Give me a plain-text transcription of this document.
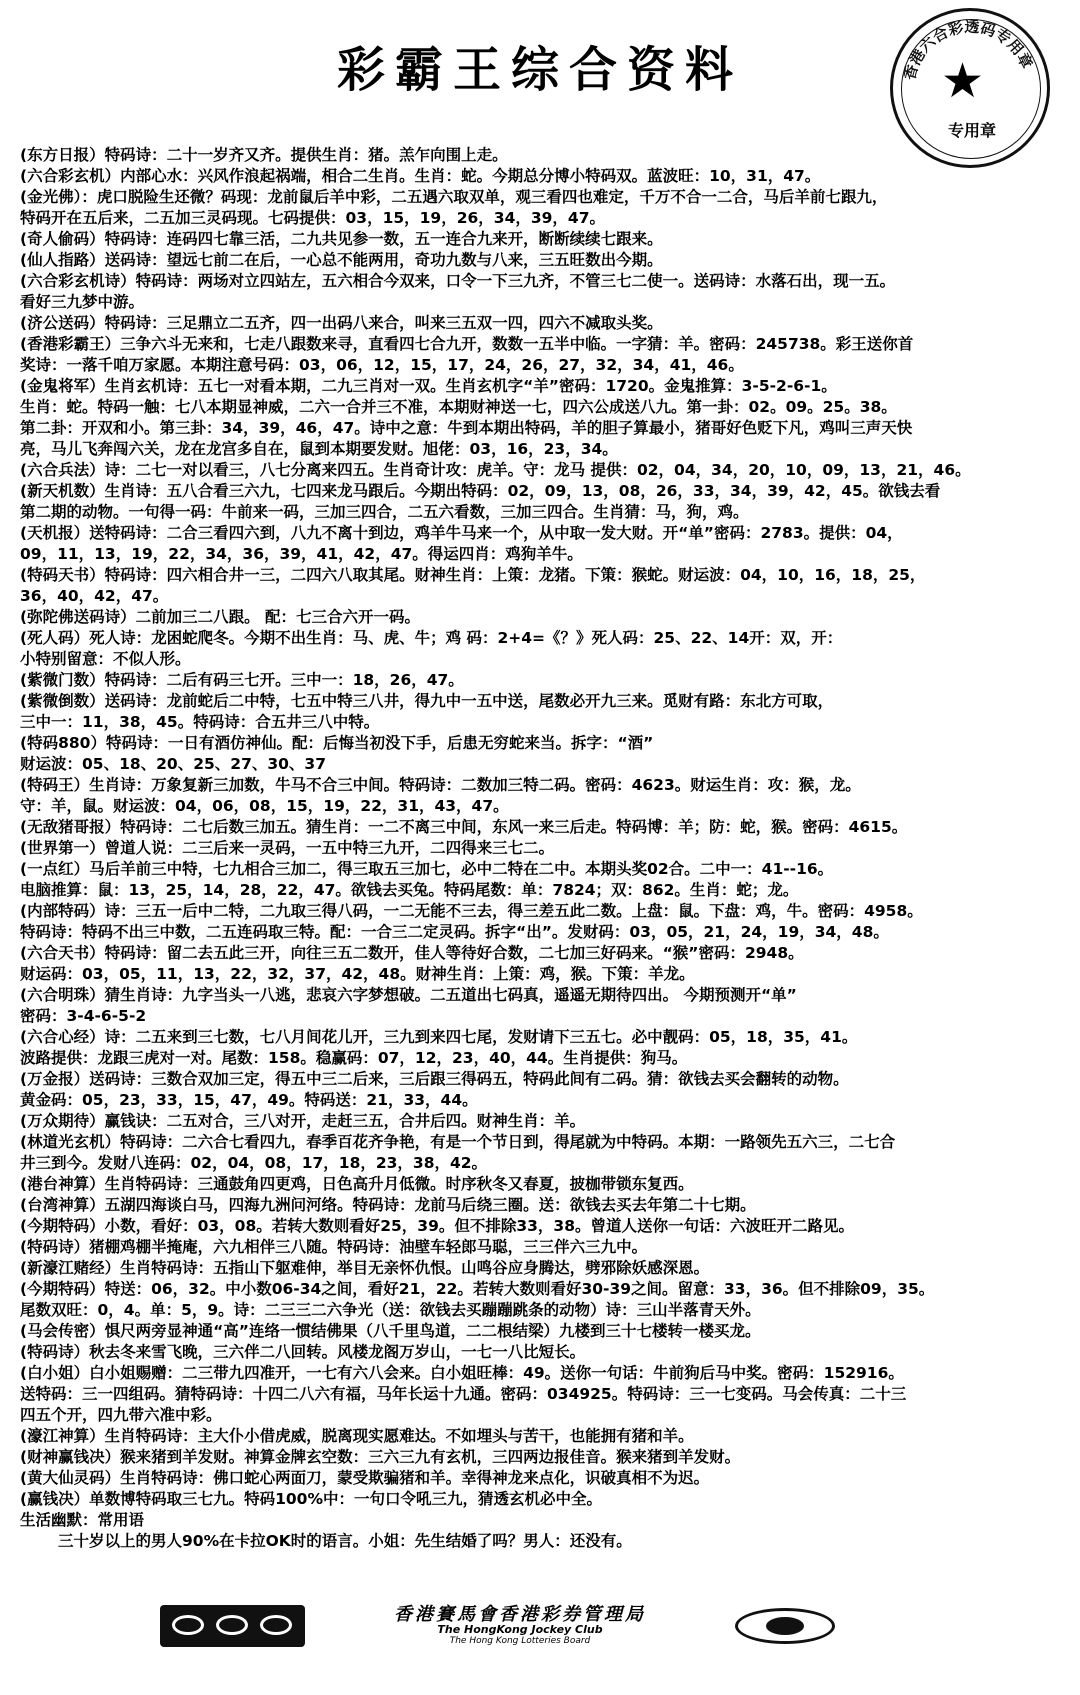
彩霸王综合资料	香港六合彩透码专用章
★
专用章
(东方日报）特码诗：二十一岁齐又齐。提供生肖：猪。羔乍向围上走。
(六合彩玄机）内部心水：兴风作浪起祸端，相合二生肖。生肖：蛇。今期总分博小特码双。蓝波旺：10，31，47。
(金光佛）：虎口脱险生还微？码现：龙前鼠后羊中彩，二五遇六取双单，观三看四也难定，千万不合一二合，马后羊前七跟九，
特码开在五后来，二五加三灵码现。七码提供：03，15，19，26，34，39，47。
(奇人偷码）特码诗：连码四七靠三活，二九共见参一数，五一连合九来开，断断续续七跟来。
(仙人指路）送码诗：望远七前二在后，一心总不能两用，奇功九数与八来，三五旺数出今期。
(六合彩玄机诗）特码诗：两场对立四站左，五六相合今双来，口令一下三九齐，不管三七二使一。送码诗：水落石出，现一五。
看好三九梦中游。
(济公送码）特码诗：三足鼎立二五齐，四一出码八来合，叫来三五双一四，四六不减取头奖。
(香港彩霸王）三争六斗无来和，七走八跟数来寻，直看四七合九开，数数一五半中临。一字猜：羊。密码：245738。彩王送你首
奖诗：一落千咱万家愿。本期注意号码：03，06，12，15，17，24，26，27，32，34，41，46。
(金鬼将军）生肖玄机诗：五七一对看本期，二九三肖对一双。生肖玄机字“羊”密码：1720。金鬼推算：3-5-2-6-1。
生肖：蛇。特码一触：七八本期显神威，二六一合并三不准，本期财神送一七，四六公成送八九。第一卦：02。09。25。38。
第二卦：开双和小。第三卦：34，39，46，47。诗中之意：牛到本期出特码，羊的胆子算最小，猪哥好色贬下凡，鸡叫三声天快
亮，马儿飞奔闯六关，龙在龙宫多自在，鼠到本期要发财。旭佬：03，16，23，34。
(六合兵法）诗：二七一对以看三，八七分离来四五。生肖奇计攻：虎羊。守：龙马 提供：02，04，34，20，10，09，13，21，46。
(新天机数）生肖诗：五八合看三六九，七四来龙马跟后。今期出特码：02，09，13，08，26，33，34，39，42，45。欲钱去看
第二期的动物。一句得一码：牛前来一码，三加三四合，二五六看数，三加三四合。生肖猜：马，狗，鸡。
(天机报）送特码诗：二合三看四六到，八九不离十到边，鸡羊牛马来一个，从中取一发大财。开“单”密码：2783。提供：04，
09，11，13，19，22，34，36，39，41，42，47。得运四肖：鸡狗羊牛。
(特码天书）特码诗：四六相合井一三，二四六八取其尾。财神生肖：上策：龙猪。下策：猴蛇。财运波：04，10，16，18，25，
36，40，42，47。
(弥陀佛送码诗）二前加三二八跟。 配：七三合六开一码。
(死人码）死人诗：龙困蛇爬冬。今期不出生肖：马、虎、牛；鸡 码：2+4=《？》死人码：25、22、14开：双，开：
小特别留意：不似人形。
(紫微门数）特码诗：二后有码三七开。三中一：18，26，47。
(紫微倒数）送码诗：龙前蛇后二中特，七五中特三八井，得九中一五中送，尾数必开九三来。觅财有路：东北方可取，
三中一：11，38，45。特码诗：合五井三八中特。
(特码880）特码诗：一日有酒仿神仙。配：后悔当初没下手，后患无穷蛇来当。拆字：“酒”
财运波：05、18、20、25、27、30、37
(特码王）生肖诗：万象复新三加数，牛马不合三中间。特码诗：二数加三特二码。密码：4623。财运生肖：攻：猴，龙。
守：羊，鼠。财运波：04，06，08，15，19，22，31，43，47。
(无敌猪哥报）特码诗：二七后数三加五。猜生肖：一二不离三中间，东风一来三后走。特码博：羊；防：蛇，猴。密码：4615。
(世界第一）曾道人说：二三后来一灵码，一五中特三九开，二四得来三七二。
(一点红）马后羊前三中特，七九相合三加二，得三取五三加七，必中二特在二中。本期头奖02合。二中一：41--16。
电脑推算：鼠：13，25，14，28，22，47。欲钱去买兔。特码尾数：单：7824；双：862。生肖：蛇；龙。
(内部特码）诗：三五一后中二特，二九取三得八码，一二无能不三去，得三差五此二数。上盘：鼠。下盘：鸡，牛。密码：4958。
特码诗：特码不出三中数，二五连码取三特。配：一合三二定灵码。拆字“出”。发财码：03，05，21，24，19，34，48。
(六合天书）特码诗：留二去五此三开，向往三五二数开，佳人等待好合数，二七加三好码来。“猴”密码：2948。
财运码：03，05，11，13，22，32，37，42，48。财神生肖：上策：鸡，猴。下策：羊龙。
(六合明珠）猜生肖诗：九字当头一八逃，悲哀六字梦想破。二五道出七码真，遥遥无期待四出。 今期预测开“单”
密码：3-4-6-5-2
(六合心经）诗：二五来到三七数，七八月间花儿开，三九到来四七尾，发财请下三五七。必中靓码：05，18，35，41。
波路提供：龙跟三虎对一对。尾数：158。稳赢码：07，12，23，40，44。生肖提供：狗马。
(万金报）送码诗：三数合双加三定，得五中三二后来，三后跟三得码五，特码此间有二码。猜：欲钱去买会翻转的动物。
黄金码：05，23，33，15，47，49。特码送：21，33，44。
(万众期待）赢钱诀：二五对合，三八对开，走赶三五，合井后四。财神生肖：羊。
(林道光玄机）特码诗：二六合七看四九，春季百花齐争艳，有是一个节日到，得尾就为中特码。本期：一路领先五六三，二七合
井三到今。发财八连码：02，04，08，17，18，23，38，42。
(港台神算）生肖特码诗：三通鼓角四更鸡，日色高升月低微。时序秋冬又春夏，披枷带锁东复西。
(台湾神算）五湖四海谈白马，四海九洲问河络。特码诗：龙前马后绕三圈。送：欲钱去买去年第二十七期。
(今期特码）小数，看好：03，08。若转大数则看好25，39。但不排除33，38。曾道人送你一句话：六波旺开二路见。
(特码诗）猪棚鸡棚半掩庵，六九相伴三八随。特码诗：油壁车轻郎马聪，三三伴六三九中。
(新濠江赌经）生肖特码诗：五指山下躯难伸，举目无亲怀仇恨。山鸣谷应身腾达，劈邪除妖感深恩。
(今期特码）特送：06，32。中小数06-34之间，看好21，22。若转大数则看好30-39之间。留意：33，36。但不排除09，35。
尾数双旺：0，4。单：5，9。诗：二三三二六争光（送：欲钱去买蹦蹦跳条的动物）诗：三山半落青天外。
(马会传密）惧尺两旁显神通“高”连络一惯结佛果（八千里鸟道，二二根结梁）九楼到三十七楼转一楼买龙。
(特码诗）秋去冬来雪飞晚，三六伴二八回转。风楼龙阁万岁山，一七一八比短长。
(白小姐）白小姐赐赠：二三带九四准开，一七有六八会来。白小姐旺棒：49。送你一句话：牛前狗后马中奖。密码：152916。
送特码：三一四组码。猜特码诗：十四二八六有福，马年长运十九通。密码：034925。特码诗：三一七变码。马会传真：二十三
四五个开，四九带六准中彩。
(濠江神算）生肖特码诗：主大仆小借虎威，脱离现实愿难达。不如埋头与苦干，也能拥有猪和羊。
(财神赢钱决）猴来猪到羊发财。神算金牌玄空数：三六三九有玄机，三四两边报佳音。猴来猪到羊发财。
(黄大仙灵码）生肖特码诗：佛口蛇心两面刀，蒙受欺骗猪和羊。幸得神龙来点化，识破真相不为迟。
(赢钱决）单数博特码取三七九。特码100%中：一句口令吼三九，猜透玄机必中全。
生活幽默：常用语
三十岁以上的男人90%在卡拉OK时的语言。小姐：先生结婚了吗？男人：还没有。
香港賽馬會香港彩券管理局
The HongKong Jockey Club
The Hong Kong Lotteries Board
